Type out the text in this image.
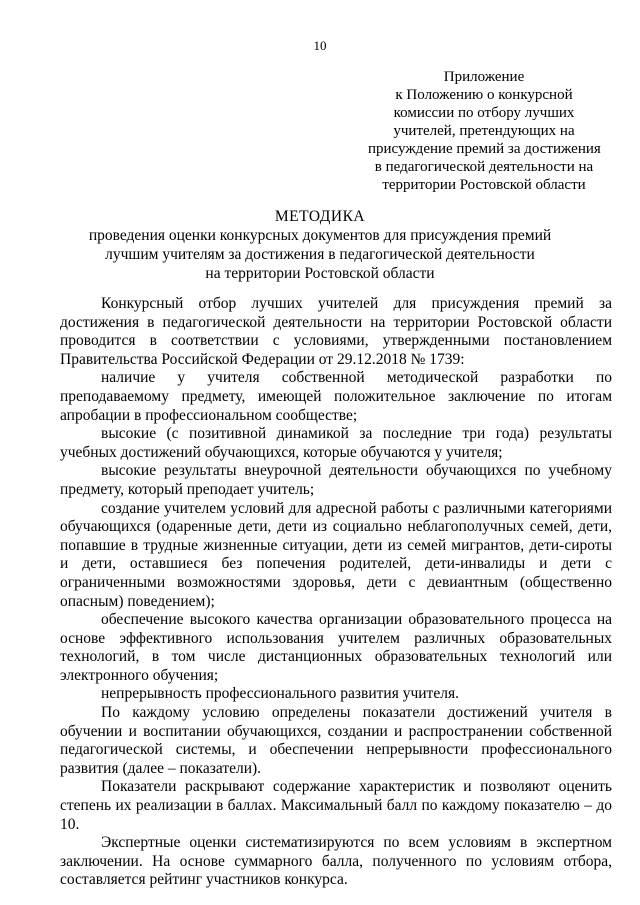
10
Приложение
к Положению о конкурсной
комиссии по отбору лучших
учителей, претендующих на
присуждение премий за достижения
в педагогической деятельности на
территории Ростовской области
МЕТОДИКА
проведения оценки конкурсных документов для присуждения премий
лучшим учителям за достижения в педагогической деятельности
на территории Ростовской области

Конкурсный отбор лучших учителей для присуждения премий за достижения в педагогической деятельности на территории Ростовской области проводится в соответствии с условиями, утвержденными постановлением Правительства Российской Федерации от 29.12.2018 № 1739:

наличие у учителя собственной методической разработки по преподаваемому предмету, имеющей положительное заключение по итогам апробации в профессиональном сообществе;

высокие (с позитивной динамикой за последние три года) результаты учебных достижений обучающихся, которые обучаются у учителя;

высокие результаты внеурочной деятельности обучающихся по учебному предмету, который преподает учитель;

создание учителем условий для адресной работы с различными категориями обучающихся (одаренные дети, дети из социально неблагополучных семей, дети, попавшие в трудные жизненные ситуации, дети из семей мигрантов, дети-сироты и дети, оставшиеся без попечения родителей, дети-инвалиды и дети с ограниченными возможностями здоровья, дети с девиантным (общественно опасным) поведением);

обеспечение высокого качества организации образовательного процесса на основе эффективного использования учителем различных образовательных технологий, в том числе дистанционных образовательных технологий или электронного обучения;

непрерывность профессионального развития учителя.

По каждому условию определены показатели достижений учителя в обучении и воспитании обучающихся, создании и распространении собственной педагогической системы, и обеспечении непрерывности профессионального развития (далее – показатели).

Показатели раскрывают содержание характеристик и позволяют оценить степень их реализации в баллах. Максимальный балл по каждому показателю – до 10.

Экспертные оценки систематизируются по всем условиям в экспертном заключении. На основе суммарного балла, полученного по условиям отбора, составляется рейтинг участников конкурса.
